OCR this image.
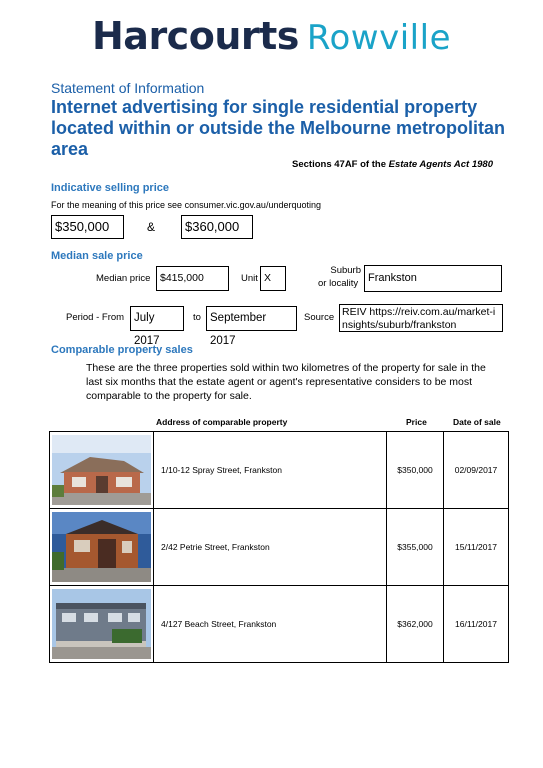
Harcourts Rowville
Statement of Information
Internet advertising for single residential property located within or outside the Melbourne metropolitan area
Sections 47AF of the Estate Agents Act 1980
Indicative selling price
For the meaning of this price see consumer.vic.gov.au/underquoting
$350,000	&	$360,000
Median sale price
Median price $415,000	Unit X
Suburb
or locality Frankston
Period - From July 2017
to September 2017
Source REIV https://reiv.com.au/market-insights/suburb/frankston
Comparable property sales
These are the three properties sold within two kilometres of the property for sale in the last six months that the estate agent or agent's representative considers to be most comparable to the property for sale.
Address of comparable property	Price	Date of sale
	1/10-12 Spray Street, Frankston	$350,000	02/09/2017

	2/42 Petrie Street, Frankston	$355,000	15/11/2017

	4/127 Beach Street, Frankston	$362,000	16/11/2017
